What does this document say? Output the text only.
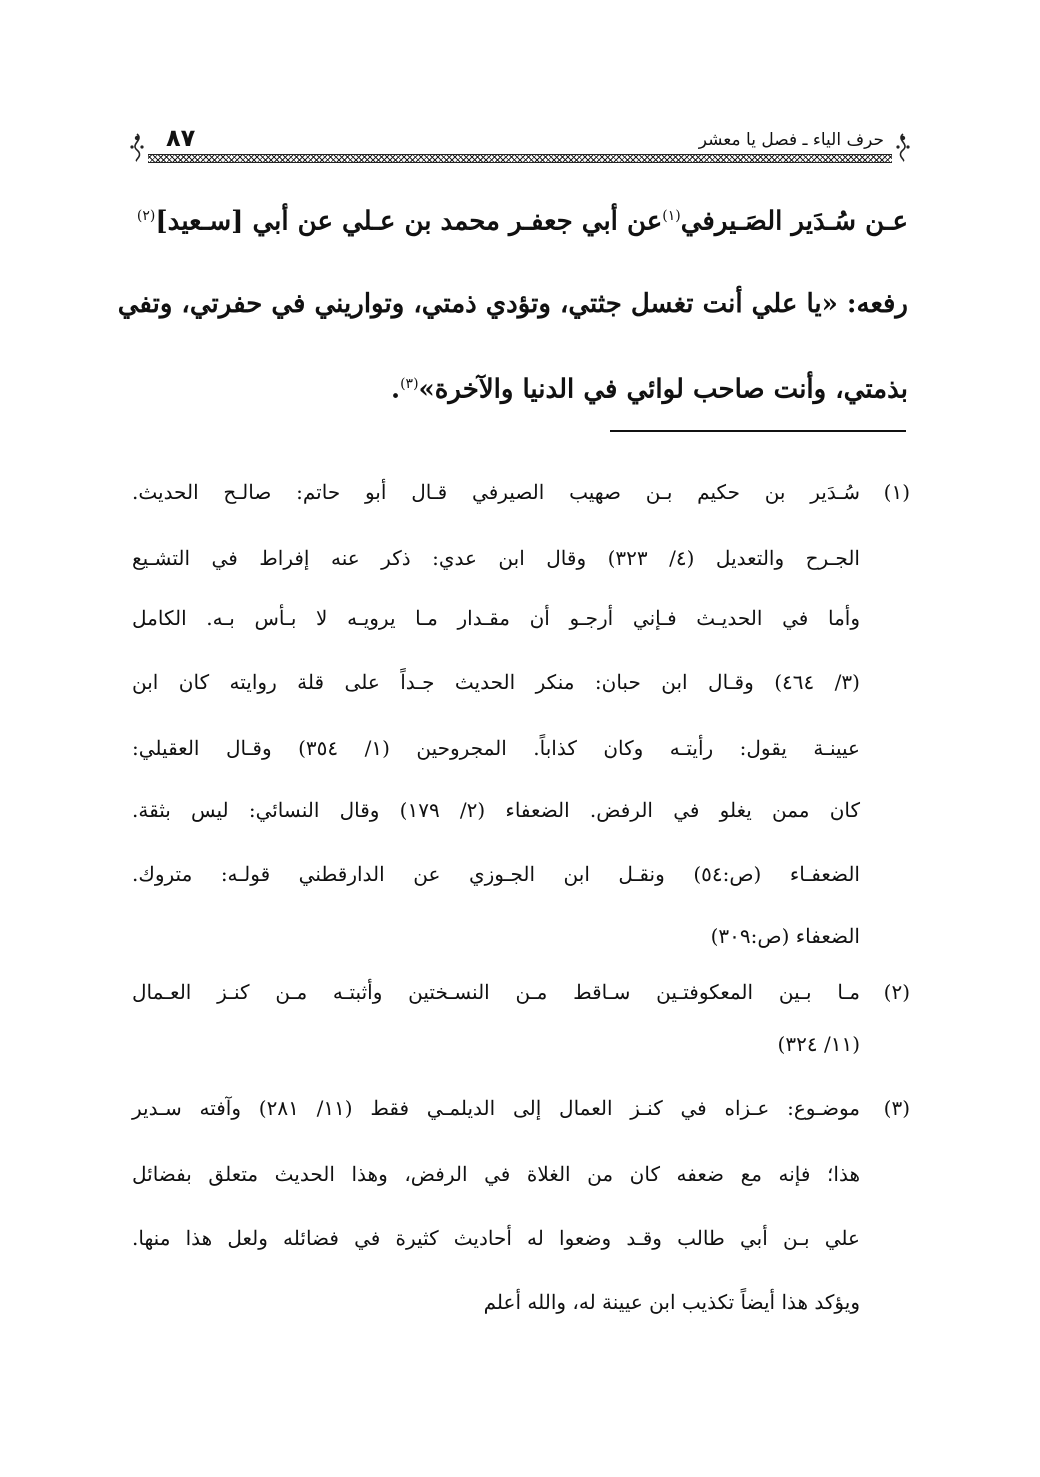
حرف الياء ـ فصل يا معشر
٨٧
عـن سُـدَير الصَـيرفي$^{(١)}$عن أبي جعفـر محمد بن عـلي عن أبي [سـعيد]$^{(٢)}$
رفعه: «يا علي أنت تغسل جثتي، وتؤدي ذمتي، وتواريني في حفرتي، وتفي
بذمتي، وأنت صاحب لوائي في الدنيا والآخرة»$^{(٣)}$.
(١)
سُـدَير بن حكيم بـن صهيب الصيرفي قـال أبو حاتم: صالـح الحديث.
الجـرح والتعديل (٤/ ٣٢٣) وقال ابن عدي: ذكر عنه إفراط في التشـيع
وأما في الحديـث فـإني أرجـو أن مقـدار مـا يرويـه لا بـأس بـه. الكامل
(٣/ ٤٦٤) وقـال ابن حبان: منكر الحديث جـداً على قلة روايته كان ابن
عيينـة يقول: رأيتـه وكان كذاباً. المجروحين (١/ ٣٥٤) وقـال العقيلي:
كان ممن يغلو في الرفض. الضعفاء (٢/ ١٧٩) وقال النسائي: ليس بثقة.
الضعفـاء (ص:٥٤) ونقـل ابن الجـوزي عن الدارقطني قولـه: متروك.
الضعفاء (ص:٣٠٩)
(٢)
مـا بـين المعكوفتـين سـاقط مـن النسـختين وأثبتـه مـن كنـز العـمال
(١١/ ٣٢٤)
(٣)
موضـوع: عـزاه في كنـز العمال إلى الديلمـي فقط (١١/ ٢٨١) وآفته سـدير
هذا؛ فإنه مع ضعفه كان من الغلاة في الرفض، وهذا الحديث متعلق بفضائل
علي بـن أبي طالب وقـد وضعوا له أحاديث كثيرة في فضائله ولعل هذا منها.
ويؤكد هذا أيضاً تكذيب ابن عيينة له، والله أعلم
